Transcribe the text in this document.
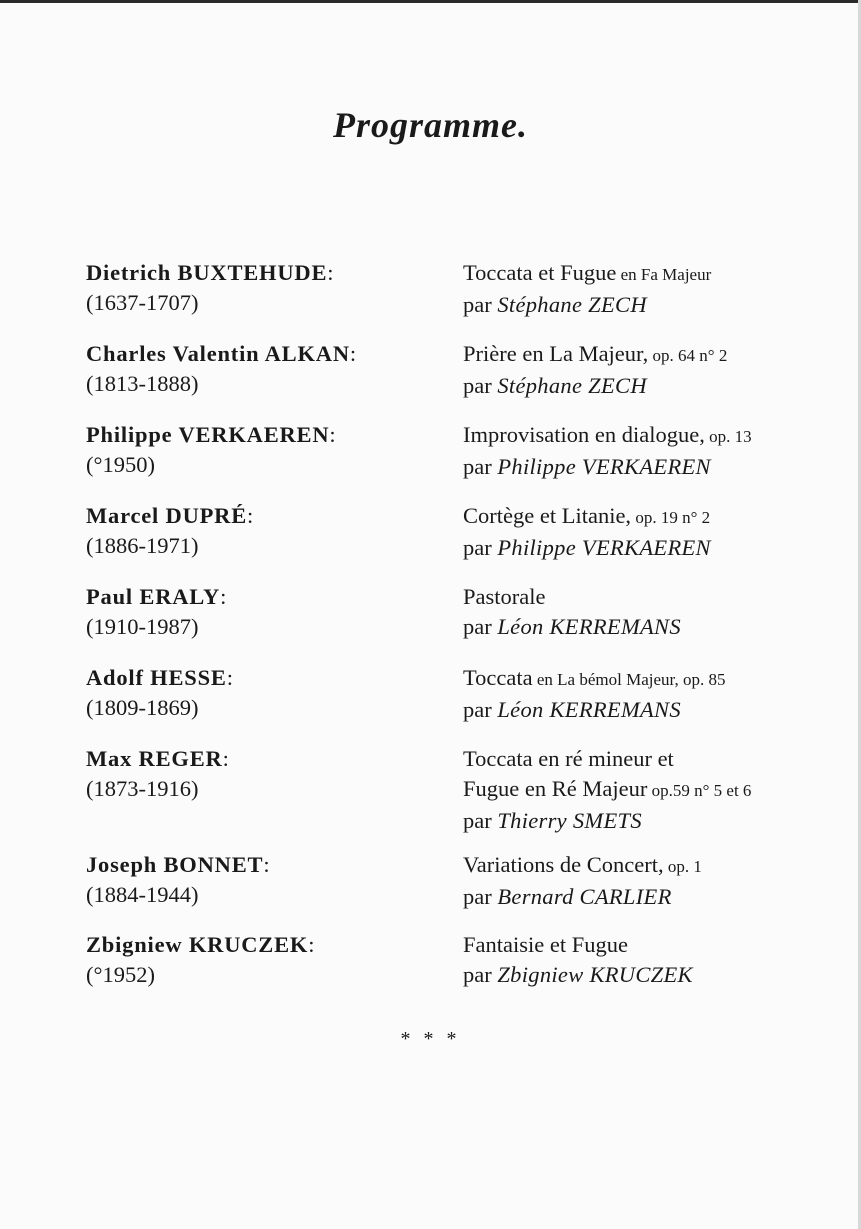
Programme.
Dietrich BUXTEHUDE:
(1637-1707)
Toccata et Fugue en Fa Majeur
par Stéphane ZECH
Charles Valentin ALKAN:
(1813-1888)
Prière en La Majeur, op. 64 n° 2
par Stéphane ZECH
Philippe VERKAEREN:
(°1950)
Improvisation en dialogue, op. 13
par Philippe VERKAEREN
Marcel DUPRÉ:
(1886-1971)
Cortège et Litanie, op. 19 n° 2
par Philippe VERKAEREN
Paul ERALY:
(1910-1987)
Pastorale
par Léon KERREMANS
Adolf HESSE:
(1809-1869)
Toccata en La bémol Majeur, op. 85
par Léon KERREMANS
Max REGER:
(1873-1916)
Toccata en ré mineur et
Fugue en Ré Majeur op.59 n° 5 et 6
par Thierry SMETS
Joseph BONNET:
(1884-1944)
Variations de Concert, op. 1
par Bernard CARLIER
Zbigniew KRUCZEK:
(°1952)
Fantaisie et Fugue
par Zbigniew KRUCZEK
* * *
